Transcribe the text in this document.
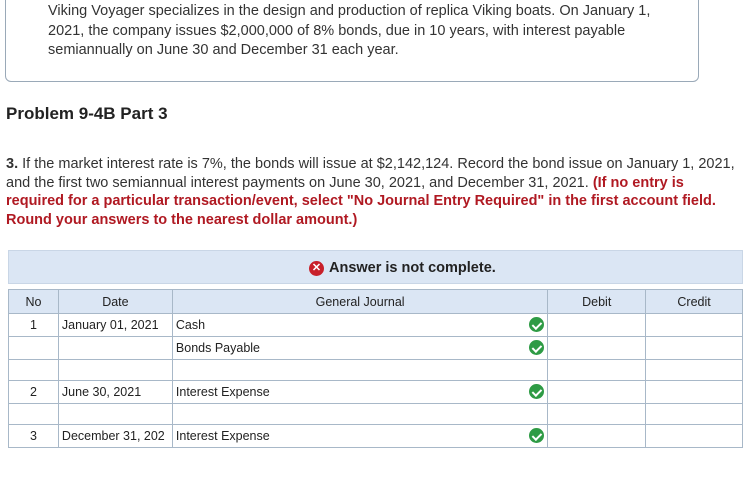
Viking Voyager specializes in the design and production of replica Viking boats. On January 1, 2021, the company issues $2,000,000 of 8% bonds, due in 10 years, with interest payable semiannually on June 30 and December 31 each year.
Problem 9-4B Part 3
3. If the market interest rate is 7%, the bonds will issue at $2,142,124. Record the bond issue on January 1, 2021, and the first two semiannual interest payments on June 30, 2021, and December 31, 2021. (If no entry is required for a particular transaction/event, select "No Journal Entry Required" in the first account field. Round your answers to the nearest dollar amount.)
✕ Answer is not complete.
No	Date	General Journal	Debit	Credit
1	January 01, 2021	Cash

		Bonds Payable

2	June 30, 2021	Interest Expense

3	December 31, 202	Interest Expense
